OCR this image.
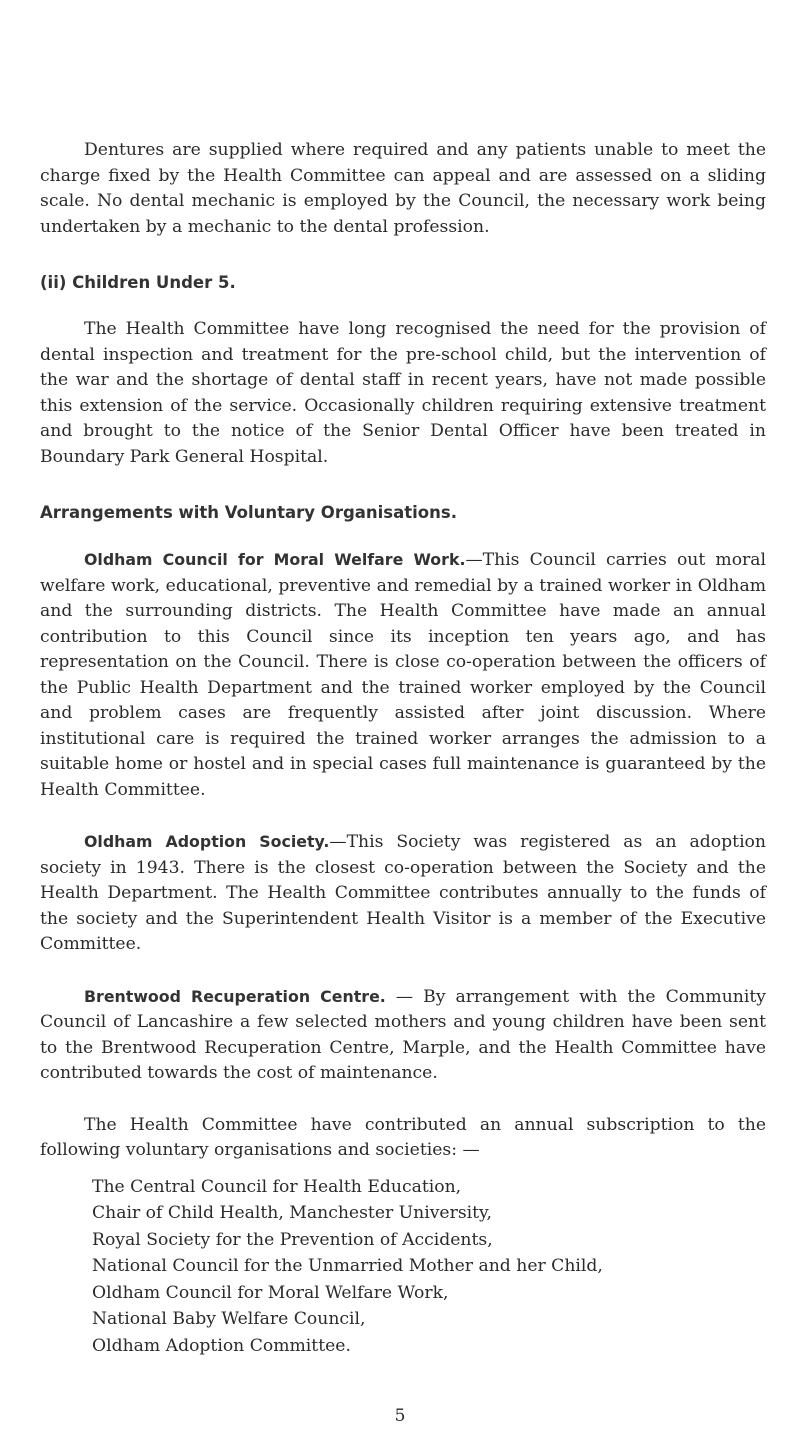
Dentures are supplied where required and any patients unable to meet the charge fixed by the Health Committee can appeal and are assessed on a sliding scale. No dental mechanic is employed by the Council, the necessary work being undertaken by a mechanic to the dental profession.

(ii) Children Under 5.

The Health Committee have long recognised the need for the provision of dental inspection and treatment for the pre-school child, but the intervention of the war and the shortage of dental staff in recent years, have not made possible this extension of the service. Occasionally children requiring extensive treatment and brought to the notice of the Senior Dental Officer have been treated in Boundary Park General Hospital.

Arrangements with Voluntary Organisations.

Oldham Council for Moral Welfare Work.—This Council carries out moral welfare work, educational, preventive and remedial by a trained worker in Oldham and the surrounding districts. The Health Committee have made an annual contribution to this Council since its inception ten years ago, and has representation on the Council. There is close co-operation between the officers of the Public Health Department and the trained worker employed by the Council and problem cases are frequently assisted after joint discussion. Where institutional care is required the trained worker arranges the admission to a suitable home or hostel and in special cases full maintenance is guaranteed by the Health Committee.

Oldham Adoption Society.—This Society was registered as an adoption society in 1943. There is the closest co-operation between the Society and the Health Department. The Health Committee contributes annually to the funds of the society and the Superintendent Health Visitor is a member of the Executive Committee.

Brentwood Recuperation Centre. — By arrangement with the Community Council of Lancashire a few selected mothers and young children have been sent to the Brentwood Recuperation Centre, Marple, and the Health Committee have contributed towards the cost of maintenance.

The Health Committee have contributed an annual subscription to the following voluntary organisations and societies: —

The Central Council for Health Education,
Chair of Child Health, Manchester University,
Royal Society for the Prevention of Accidents,
National Council for the Unmarried Mother and her Child,
Oldham Council for Moral Welfare Work,
National Baby Welfare Council,
Oldham Adoption Committee.
5
